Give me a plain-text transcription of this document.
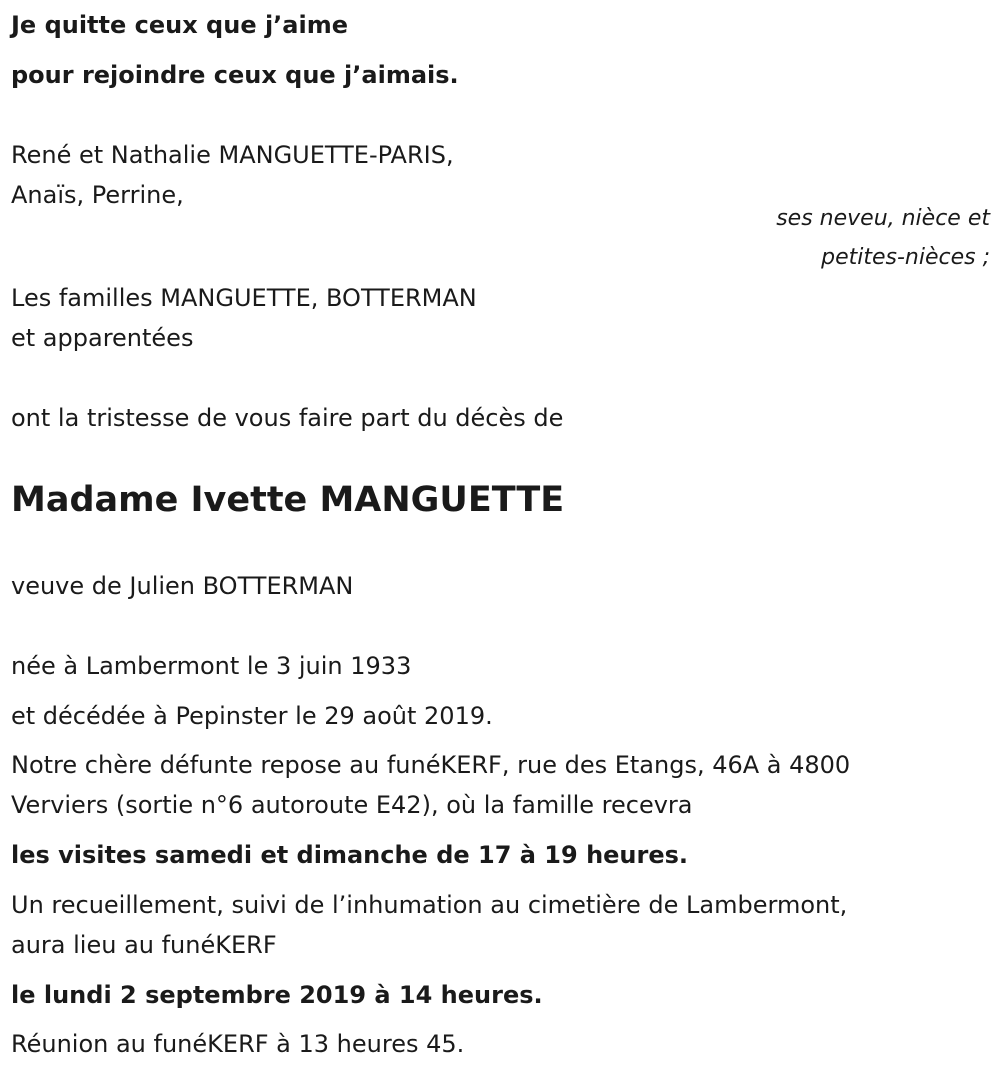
Je quitte ceux que j’aime
pour rejoindre ceux que j’aimais.
René et Nathalie MANGUETTE-PARIS,
Anaïs, Perrine,
ses neveu, nièce et
petites-nièces ;
Les familles MANGUETTE, BOTTERMAN
et apparentées
ont la tristesse de vous faire part du décès de
Madame Ivette MANGUETTE
veuve de Julien BOTTERMAN
née à Lambermont le 3 juin 1933
et décédée à Pepinster le 29 août 2019.
Notre chère défunte repose au funéKERF, rue des Etangs, 46A à 4800
Verviers (sortie n°6 autoroute E42), où la famille recevra
les visites samedi et dimanche de 17 à 19 heures.
Un recueillement, suivi de l’inhumation au cimetière de Lambermont,
aura lieu au funéKERF
le lundi 2 septembre 2019 à 14 heures.
Réunion au funéKERF à 13 heures 45.
